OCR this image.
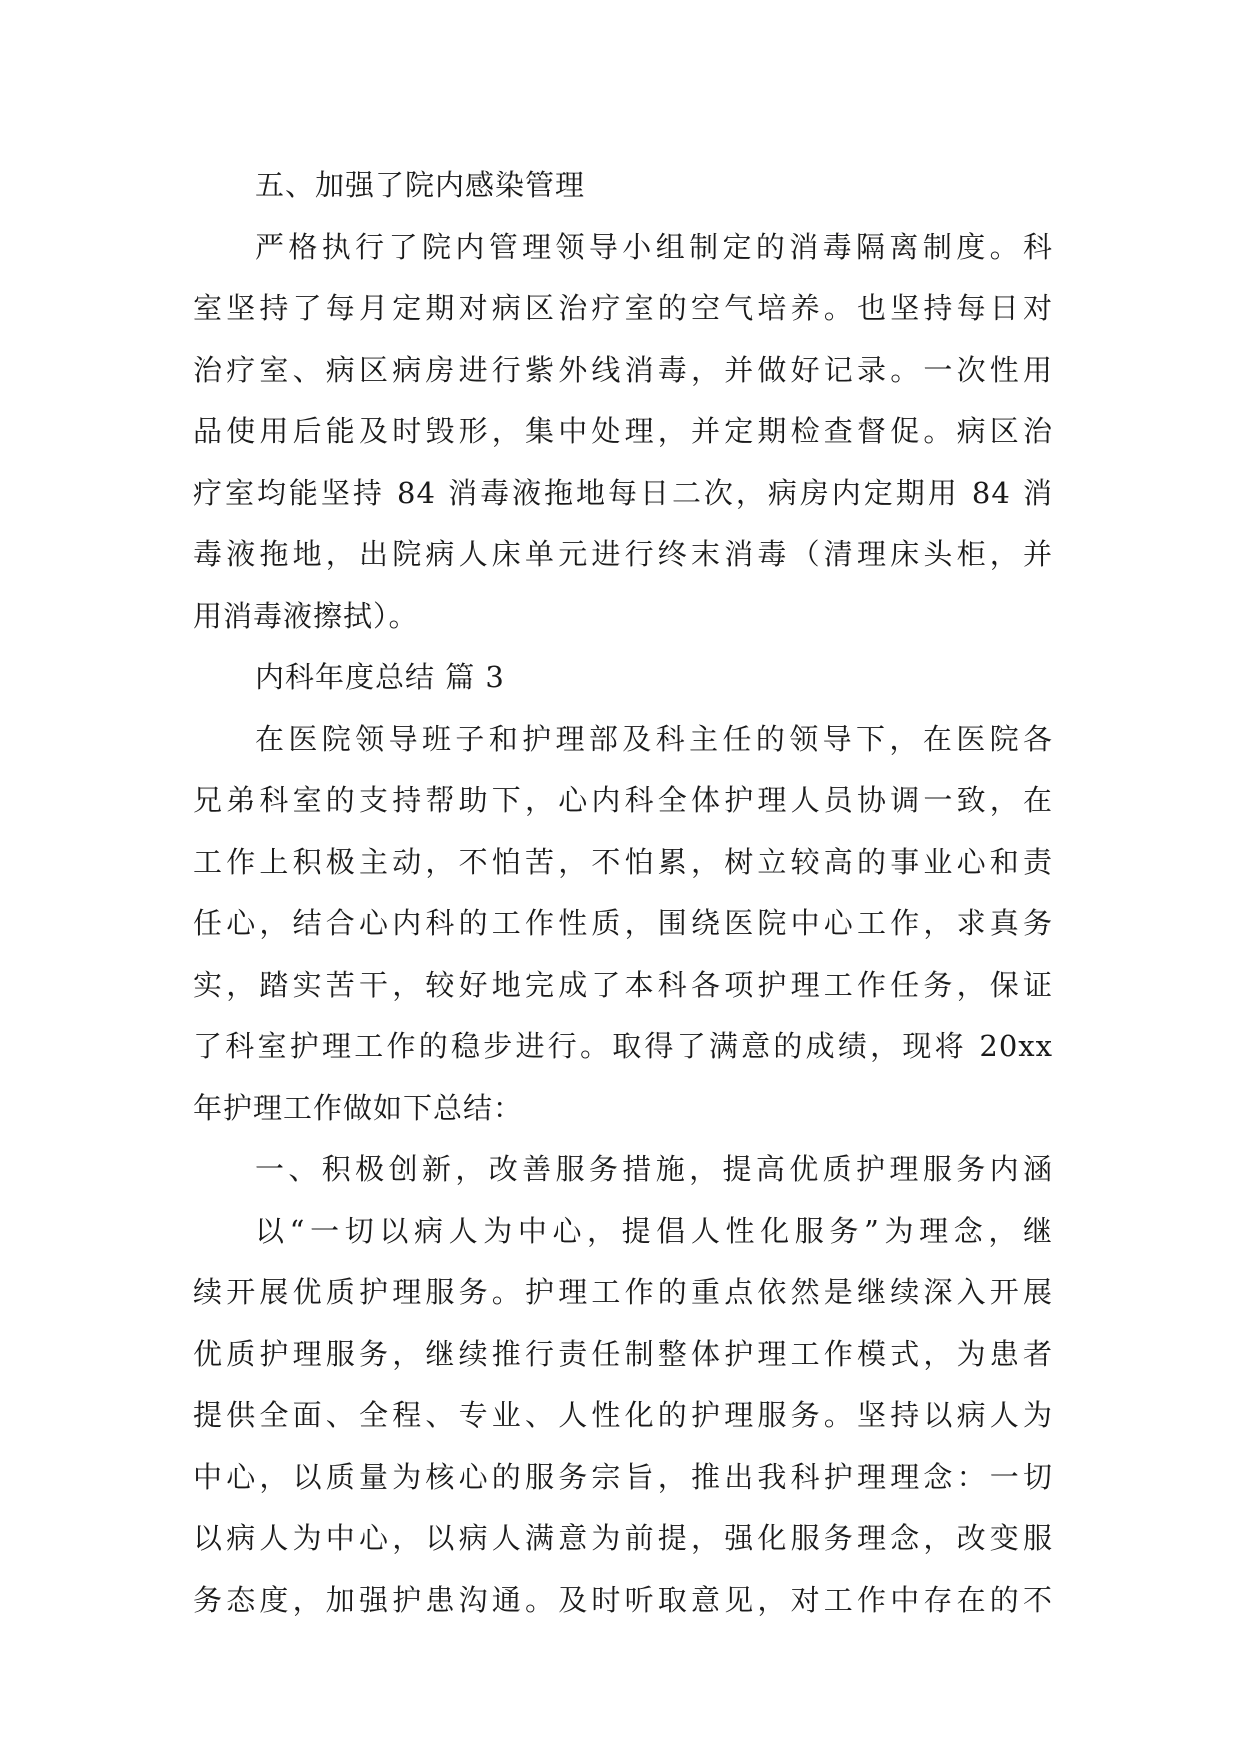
五、加强了院内感染管理
严格执行了院内管理领导小组制定的消毒隔离制度。科
室坚持了每月定期对病区治疗室的空气培养。也坚持每日对
治疗室、病区病房进行紫外线消毒，并做好记录。一次性用
品使用后能及时毁形，集中处理，并定期检查督促。病区治
疗室均能坚持 84 消毒液拖地每日二次，病房内定期用 84 消
毒液拖地，出院病人床单元进行终末消毒（清理床头柜，并
用消毒液擦拭）。
内科年度总结 篇 3
在医院领导班子和护理部及科主任的领导下，在医院各
兄弟科室的支持帮助下，心内科全体护理人员协调一致，在
工作上积极主动，不怕苦，不怕累，树立较高的事业心和责
任心，结合心内科的工作性质，围绕医院中心工作，求真务
实，踏实苦干，较好地完成了本科各项护理工作任务，保证
了科室护理工作的稳步进行。取得了满意的成绩，现将 20xx
年护理工作做如下总结：
一、积极创新，改善服务措施，提高优质护理服务内涵
以“一切以病人为中心，提倡人性化服务”为理念，继
续开展优质护理服务。护理工作的重点依然是继续深入开展
优质护理服务，继续推行责任制整体护理工作模式，为患者
提供全面、全程、专业、人性化的护理服务。坚持以病人为
中心，以质量为核心的服务宗旨，推出我科护理理念：一切
以病人为中心，以病人满意为前提，强化服务理念，改变服
务态度，加强护患沟通。及时听取意见，对工作中存在的不
